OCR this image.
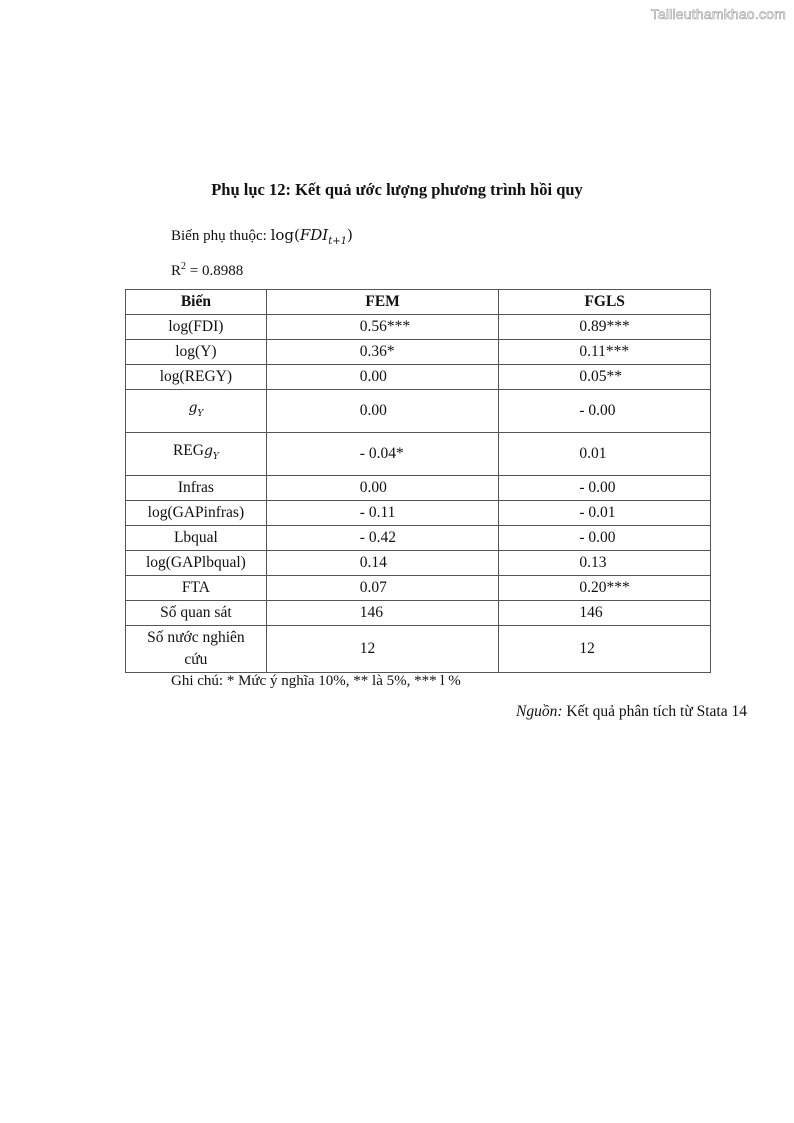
Tailieuthamkhao.com
Phụ lục 12: Kết quả ước lượng phương trình hồi quy
Biến phụ thuộc: $\log(FDI_{t+1})$
$R^2 = 0.8988$
Biến	FEM	FGLS
log(FDI)	0.56***	0.89***
log(Y)	0.36*	0.11***
log(REGY)	0.00	0.05**
$g_Y$	0.00	- 0.00
REGg$_Y$	- 0.04*	0.01
Infras	0.00	- 0.00
log(GAPinfras)	- 0.11	- 0.01
Lbqual	- 0.42	- 0.00
log(GAPlbqual)	0.14	0.13
FTA	0.07	0.20***
Số quan sát	146	146

Số nước nghiên
cứu	12	12
Ghi chú: * Mức ý nghĩa 10%, ** là 5%, *** l %
Nguồn: Kết quả phân tích từ Stata 14
